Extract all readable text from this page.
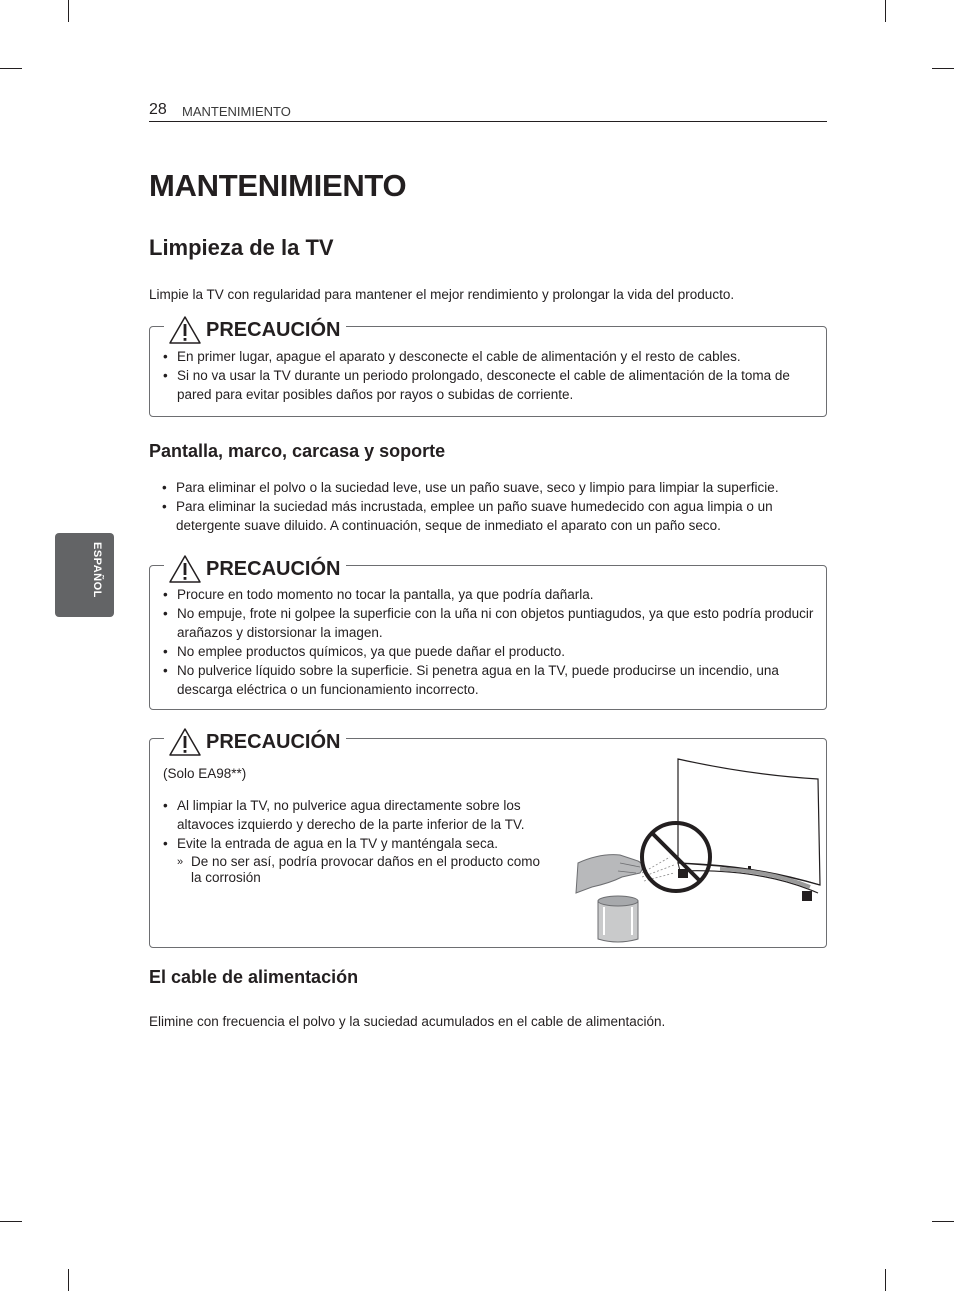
28 MANTENIMIENTO
ESPAÑOL
MANTENIMIENTO
Limpieza de la TV

Limpie la TV con regularidad para mantener el mejor rendimiento y prolongar la vida del producto.

PRECAUCIÓN
• En primer lugar, apague el aparato y desconecte el cable de alimentación y el resto de cables.
• Si no va usar la TV durante un periodo prolongado, desconecte el cable de alimentación de la toma de pared para evitar posibles daños por rayos o subidas de corriente.
Pantalla, marco, carcasa y soporte
• Para eliminar el polvo o la suciedad leve, use un paño suave, seco y limpio para limpiar la superficie.
• Para eliminar la suciedad más incrustada, emplee un paño suave humedecido con agua limpia o un detergente suave diluido. A continuación, seque de inmediato el aparato con un paño seco.
PRECAUCIÓN
• Procure en todo momento no tocar la pantalla, ya que podría dañarla.
• No empuje, frote ni golpee la superficie con la uña ni con objetos puntiagudos, ya que esto podría producir arañazos y distorsionar la imagen.
• No emplee productos químicos, ya que puede dañar el producto.
• No pulverice líquido sobre la superficie. Si penetra agua en la TV, puede producirse un incendio, una descarga eléctrica o un funcionamiento incorrecto.
PRECAUCIÓN

(Solo EA98**)

• Al limpiar la TV, no pulverice agua directamente sobre los altavoces izquierdo y derecho de la parte inferior de la TV.
• Evite la entrada de agua en la TV y manténgala seca.
» De no ser así, podría provocar daños en el producto como la corrosión
El cable de alimentación

Elimine con frecuencia el polvo y la suciedad acumulados en el cable de alimentación.
